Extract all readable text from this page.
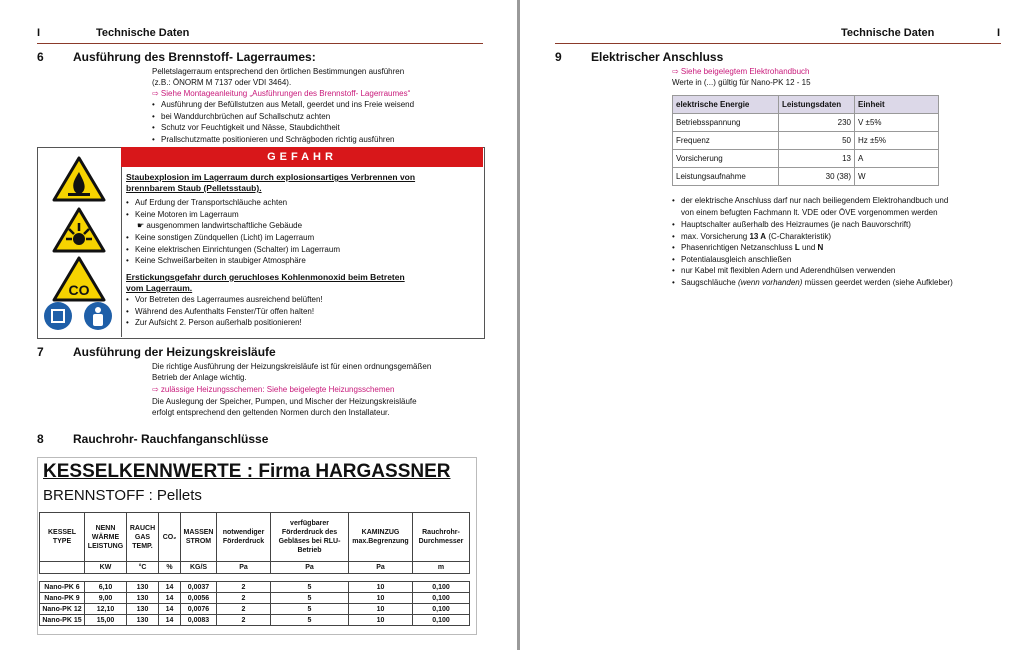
I	Technische Daten
6 Ausführung des Brennstoff- Lagerraumes:
Pelletslagerraum entsprechend den örtlichen Bestimmungen ausführen
(z.B.: ÖNORM M 7137 oder VDI 3464).
⇨ Siehe Montageanleitung „Ausführungen des Brennstoff- Lagerraumes“
• Ausführung der Befüllstutzen aus Metall, geerdet und ins Freie weisend
• bei Wanddurchbrüchen auf Schallschutz achten
• Schutz vor Feuchtigkeit und Nässe, Staubdichtheit
• Prallschutzmatte positionieren und Schrägboden richtig ausführen
GEFAHR
CO
Staubexplosion im Lagerraum durch explosionsartiges Verbrennen von
brennbarem Staub (Pelletsstaub).
• Auf Erdung der Transportschläuche achten
• Keine Motoren im Lagerraum
☛ ausgenommen landwirtschaftliche Gebäude
• Keine sonstigen Zündquellen (Licht) im Lagerraum
• Keine elektrischen Einrichtungen (Schalter) im Lagerraum
• Keine Schweißarbeiten in staubiger Atmosphäre
Erstickungsgefahr durch geruchloses Kohlenmonoxid beim Betreten
vom Lagerraum.
• Vor Betreten des Lagerraumes ausreichend belüften!
• Während des Aufenthalts Fenster/Tür offen halten!
• Zur Aufsicht 2. Person außerhalb positionieren!
7 Ausführung der Heizungskreisläufe
Die richtige Ausführung der Heizungskreisläufe ist für einen ordnungsgemäßen
Betrieb der Anlage wichtig.
⇨ zulässige Heizungsschemen: Siehe beigelegte Heizungsschemen
Die Auslegung der Speicher, Pumpen, und Mischer der Heizungskreisläufe
erfolgt entsprechend den geltenden Normen durch den Installateur.
8 Rauchrohr- Rauchfanganschlüsse
KESSELKENNWERTE : Firma HARGASSNER
BRENNSTOFF : Pellets
KESSEL TYPE	NENN WÄRME LEISTUNG	RAUCH GAS TEMP.	CO₂	MASSEN STROM	notwendiger Förderdruck	verfügbarer Förderdruck des Gebläses bei RLU-Betrieb	KAMINZUG max.Begrenzung	Rauchrohr-Durchmesser
	KW	°C	%	KG/S	Pa	Pa	Pa	m

Nano-PK 6	6,10	130	14	0,0037	2	5	10	0,100
Nano-PK 9	9,00	130	14	0,0056	2	5	10	0,100
Nano-PK 12	12,10	130	14	0,0076	2	5	10	0,100
Nano-PK 15	15,00	130	14	0,0083	2	5	10	0,100
Technische Daten	I
9 Elektrischer Anschluss
⇨ Siehe beigelegtem Elektrohandbuch
Werte in (...) gültig für Nano-PK 12 - 15
elektrische Energie	Leistungsdaten	Einheit
Betriebsspannung	230	V ±5%
Frequenz	50	Hz ±5%
Vorsicherung	13	A
Leistungsaufnahme	30 (38)	W
• der elektrische Anschluss darf nur nach beiliegendem Elektrohandbuch und
von einem befugten Fachmann lt. VDE oder ÖVE vorgenommen werden
• Hauptschalter außerhalb des Heizraumes (je nach Bauvorschrift)
• max. Vorsicherung 13 A (C-Charakteristik)
• Phasenrichtigen Netzanschluss L und N
• Potentialausgleich anschließen
• nur Kabel mit flexiblen Adern und Aderendhülsen verwenden
• Saugschläuche (wenn vorhanden) müssen geerdet werden (siehe Aufkleber)
